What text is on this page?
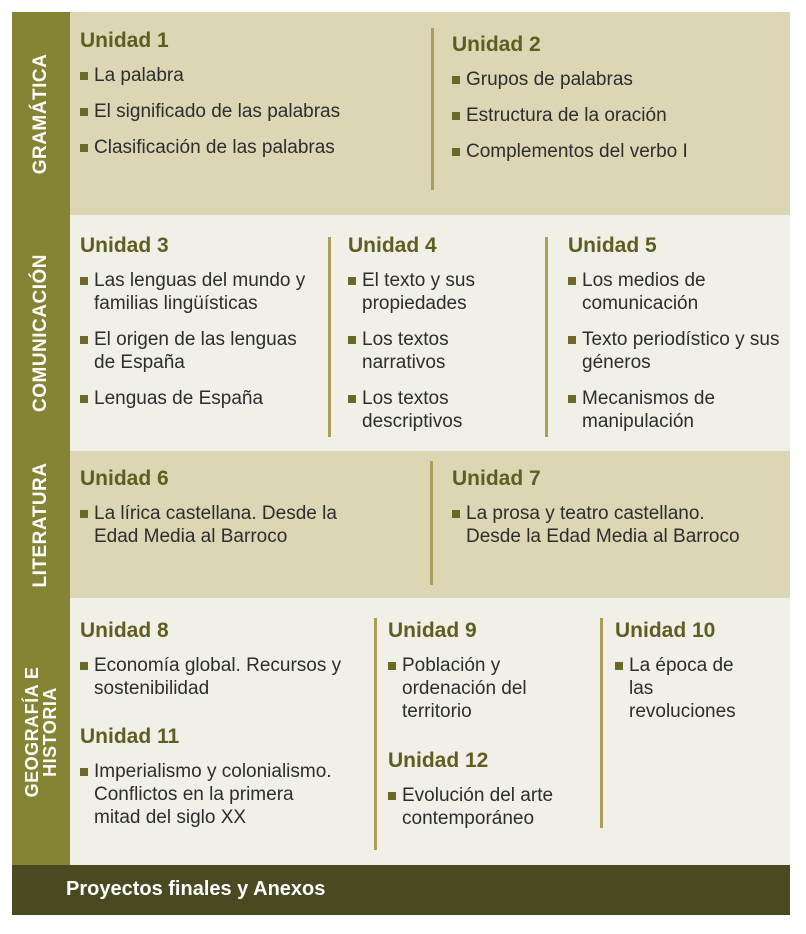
GRAMÁTICA
Unidad 1
La palabra
El significado de las palabras
Clasificación de las palabras
Unidad 2
Grupos de palabras
Estructura de la oración
Complementos del verbo I
COMUNICACIÓN
Unidad 3
Las lenguas del mundo y familias lingüísticas
El origen de las lenguas de España
Lenguas de España
Unidad 4
El texto y sus propiedades
Los textos narrativos
Los textos descriptivos
Unidad 5
Los medios de comunicación
Texto periodístico y sus géneros
Mecanismos de manipulación
LITERATURA Unidad 6
La lírica castellana. Desde la Edad Media al Barroco
Unidad 7
La prosa y teatro castellano. Desde la Edad Media al Barroco
GEOGRAFÍA E HISTORIA
Unidad 8
Economía global. Recursos y sostenibilidad
Unidad 11
Imperialismo y colonialismo. Conflictos en la primera mitad del siglo XX
Unidad 9
Población y ordenación del territorio
Unidad 12
Evolución del arte contemporáneo
Unidad 10
La época de las revoluciones
Proyectos finales y Anexos
